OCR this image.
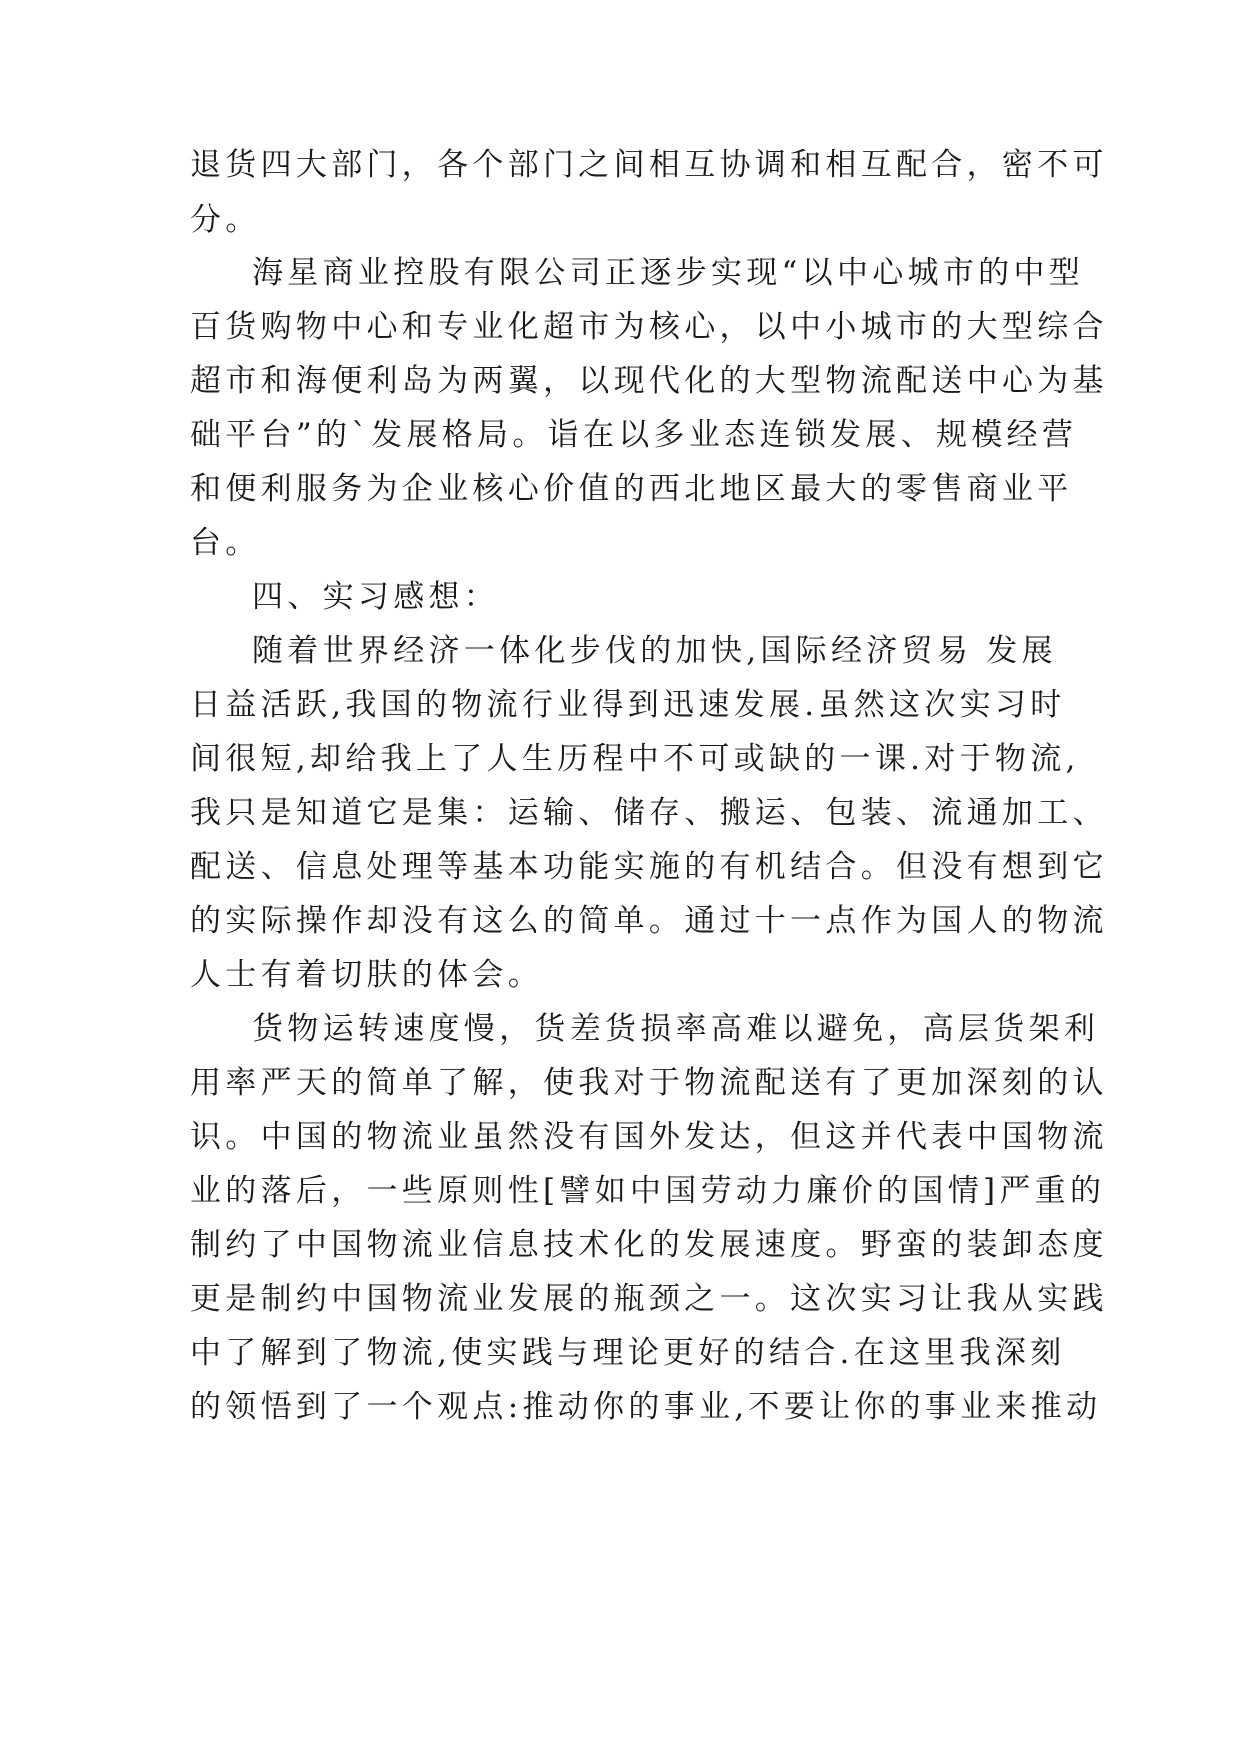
退货四大部门，各个部门之间相互协调和相互配合，密不可
分。
海星商业控股有限公司正逐步实现“以中心城市的中型
百货购物中心和专业化超市为核心，以中小城市的大型综合
超市和海便利岛为两翼，以现代化的大型物流配送中心为基
础平台”的`发展格局。诣在以多业态连锁发展、规模经营
和便利服务为企业核心价值的西北地区最大的零售商业平
台。
四、实习感想：
随着世界经济一体化步伐的加快,国际经济贸易 发展
日益活跃,我国的物流行业得到迅速发展.虽然这次实习时
间很短,却给我上了人生历程中不可或缺的一课.对于物流,
我只是知道它是集：运输、储存、搬运、包装、流通加工、
配送、信息处理等基本功能实施的有机结合。但没有想到它
的实际操作却没有这么的简单。通过十一点作为国人的物流
人士有着切肤的体会。
货物运转速度慢，货差货损率高难以避免，高层货架利
用率严天的简单了解，使我对于物流配送有了更加深刻的认
识。中国的物流业虽然没有国外发达，但这并代表中国物流
业的落后，一些原则性[譬如中国劳动力廉价的国情]严重的
制约了中国物流业信息技术化的发展速度。野蛮的装卸态度
更是制约中国物流业发展的瓶颈之一。这次实习让我从实践
中了解到了物流,使实践与理论更好的结合.在这里我深刻
的领悟到了一个观点:推动你的事业,不要让你的事业来推动
